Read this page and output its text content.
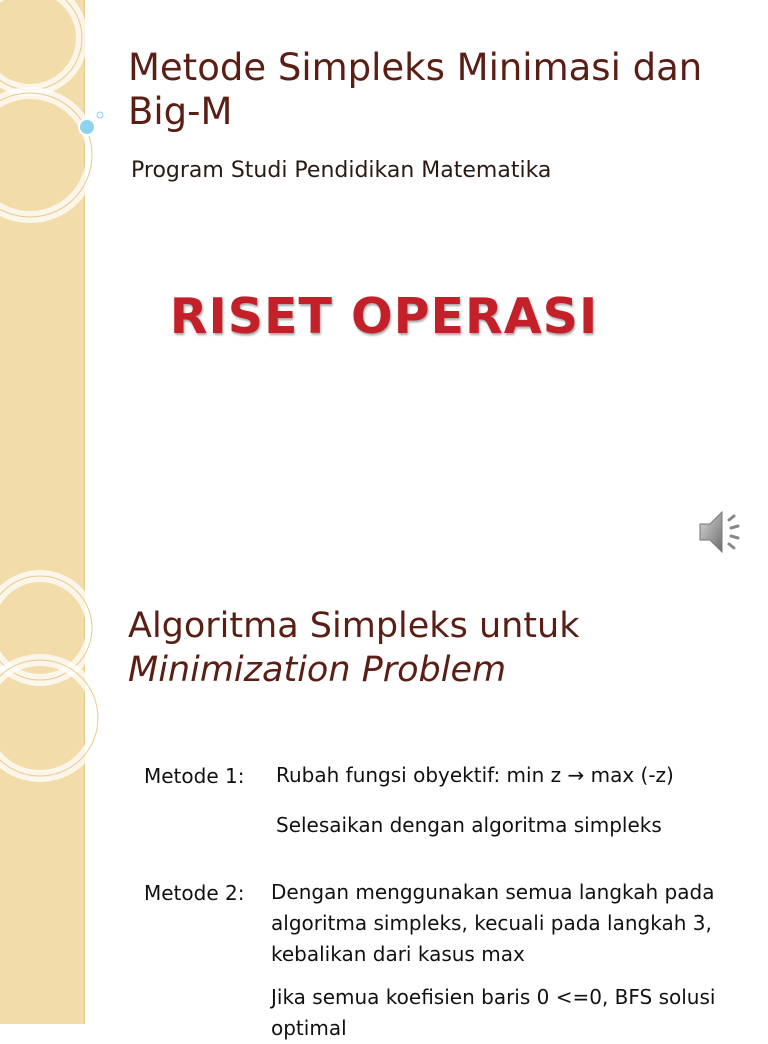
Metode Simpleks Minimasi dan Big-M

Program Studi Pendidikan Matematika

RISET OPERASI

Algoritma Simpleks untuk
Minimization Problem
Metode 1: Rubah fungsi obyektif: min z → max (-z)

Selesaikan dengan algoritma simpleks

Metode 2: Dengan menggunakan semua langkah pada algoritma simpleks, kecuali pada langkah 3, kebalikan dari kasus max

Jika semua koefisien baris 0 <=0, BFS solusi optimal
